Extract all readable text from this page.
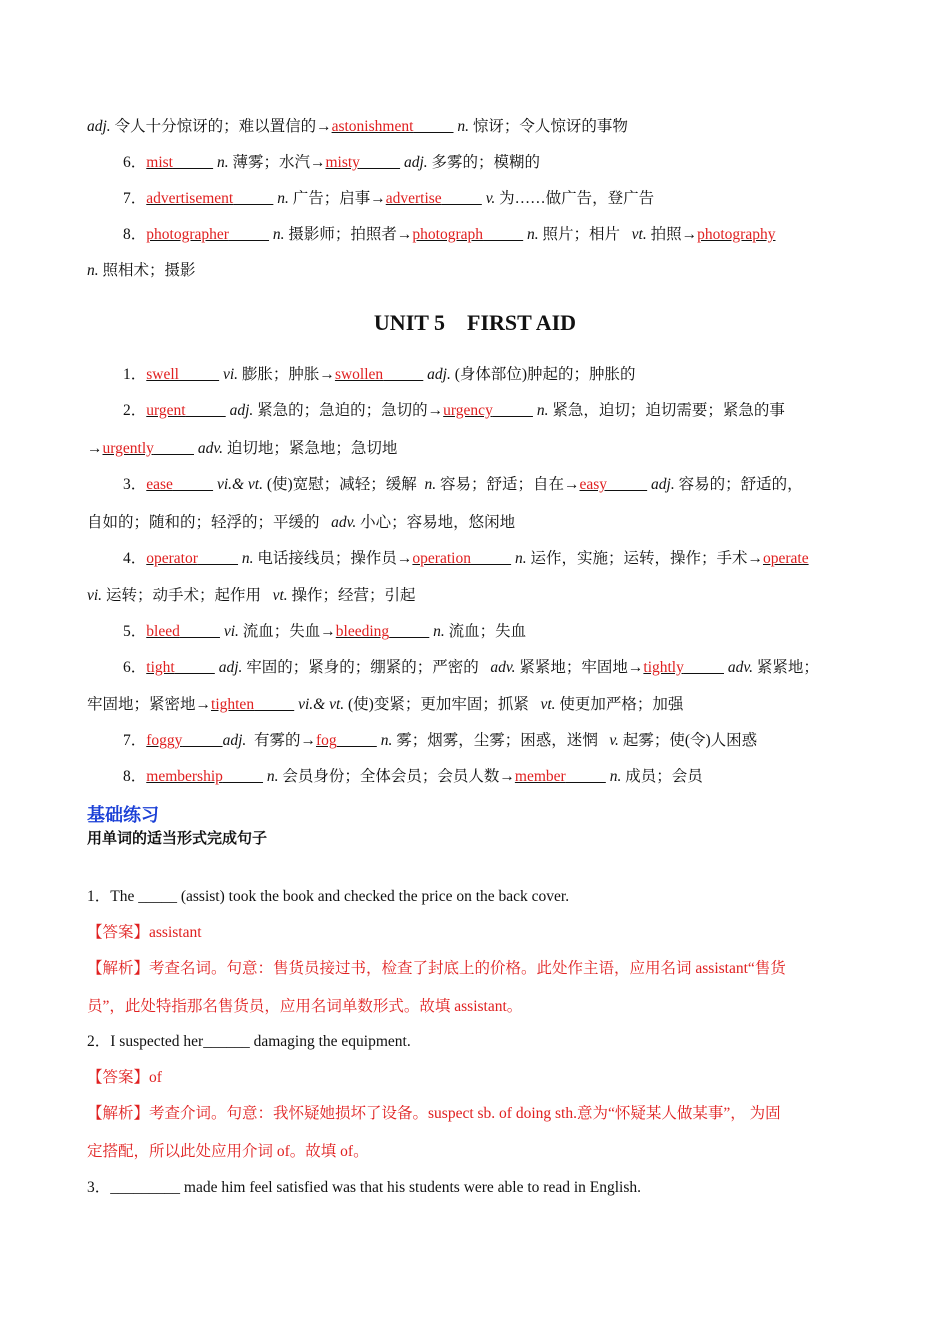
adj. 令人十分惊讶的；难以置信的→astonishment                               	n. 惊讶；令人惊讶的事物
6．mist                               	n. 薄雾；水汽→misty                               	adj. 多雾的；模糊的
7．advertisement                               	n. 广告；启事→advertise                               	v. 为……做广告，登广告
8．photographer                               	n. 摄影师；拍照者→photograph                               	n. 照片；相片 vt. 拍照→photography
n. 照相术；摄影
UNIT 5　FIRST AID
1．swell                               	vi. 膨胀；肿胀→swollen                               	adj. (身体部位)肿起的；肿胀的
2．urgent                               	adj. 紧急的；急迫的；急切的→urgency                               	n. 紧急，迫切；迫切需要；紧急的事
→urgently                               	adv. 迫切地；紧急地；急切地
3．ease                               	vi.& vt. (使)宽慰；减轻；缓解 n. 容易；舒适；自在→easy                               	adj. 容易的；舒适的，
自如的；随和的；轻浮的；平缓的 adv. 小心；容易地，悠闲地
4．operator                               	n. 电话接线员；操作员→operation                               	n. 运作，实施；运转，操作；手术→operate
vi. 运转；动手术；起作用 vt. 操作；经营；引起
5．bleed                               	vi. 流血；失血→bleeding                               	n. 流血；失血
6．tight                               	adj. 牢固的；紧身的；绷紧的；严密的 adv. 紧紧地；牢固地→tightly                               	adv. 紧紧地；
牢固地；紧密地→tighten                               	vi.& vt. (使)变紧；更加牢固；抓紧 vt. 使更加严格；加强
7．foggy                               	adj. 有雾的→fog                               	n. 雾；烟雾，尘雾；困惑，迷惘 v. 起雾；使(令)人困惑
8．membership                               	n. 会员身份；全体会员；会员人数→member                               	n. 成员；会员
基础练习
用单词的适当形式完成句子
1．The _____ (assist) took the book and checked the price on the back cover.
【答案】assistant
【解析】考查名词。句意：售货员接过书，检查了封底上的价格。此处作主语，应用名词 assistant“售货
员”，此处特指那名售货员，应用名词单数形式。故填 assistant。
2．I suspected her______ damaging the equipment.
【答案】of
【解析】考查介词。句意：我怀疑她损坏了设备。suspect sb. of doing sth.意为“怀疑某人做某事”， 为固
定搭配，所以此处应用介词 of。故填 of。
3．_________ made him feel satisfied was that his students were able to read in English.
